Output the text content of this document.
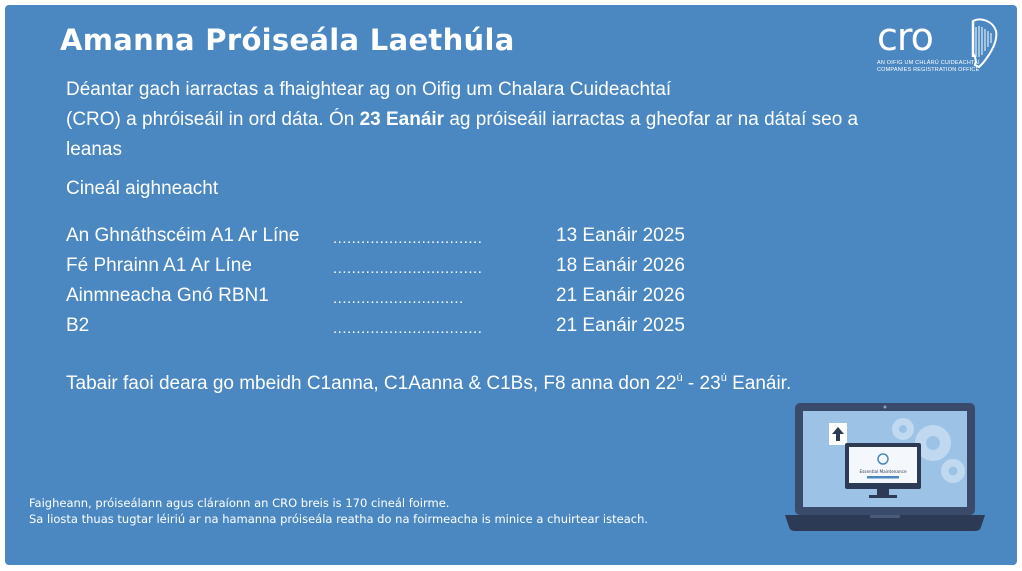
Amanna Próiseála Laethúla	cro
AN OIFIG UM CHLÁRÚ CUIDEACHTAÍ
COMPANIES REGISTRATION OFFICE
Déantar gach iarractas a fhaightear ag on Oifig um Chalara Cuideachtaí
(CRO) a phróiseáil in ord dáta. Ón 23 Eanáir ag próiseáil iarractas a gheofar ar na dátaí seo a
leanas
Cineál aighneacht
An Ghnáthscéim A1 Ar Líne ................................	13 Eanáir 2025
Fé Phrainn A1 Ar Líne	................................	18 Eanáir 2026
Ainmneacha Gnó RBN1	............................	21 Eanáir 2026
B2	................................	21 Eanáir 2025
Tabair faoi deara go mbeidh C1anna, C1Aanna & C1Bs, F8 anna don $22^ú - 23^ú$ Eanáir.
Essential Maintenance
Faigheann, próiseálann agus cláraíonn an CRO breis is 170 cineál foirme.
Sa liosta thuas tugtar léiriú ar na hamanna próiseála reatha do na foirmeacha is minice a chuirtear isteach.
